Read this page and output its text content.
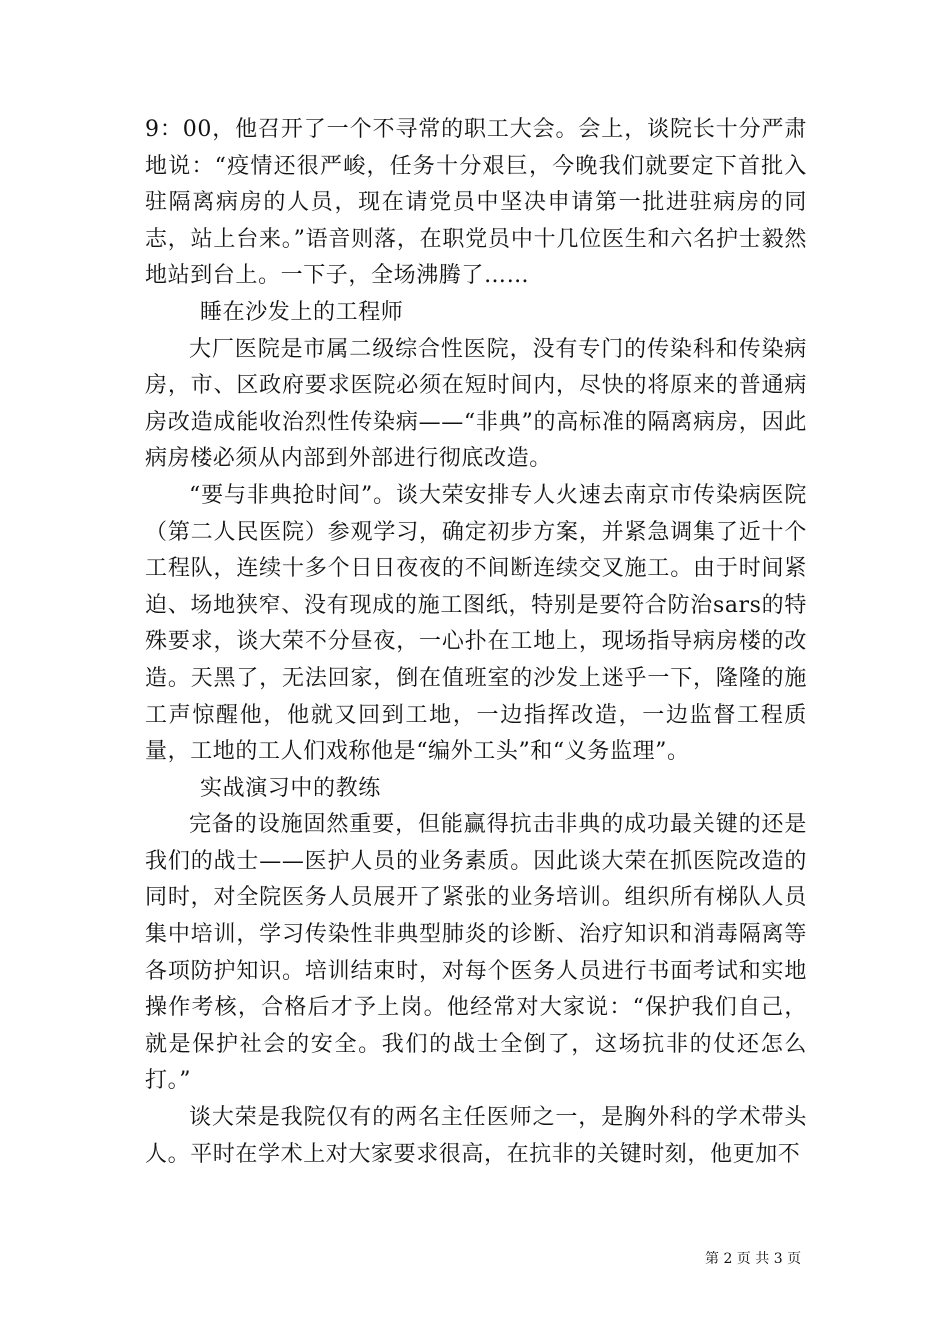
9：00，他召开了一个不寻常的职工大会。会上，谈院长十分严肃地说：“疫情还很严峻，任务十分艰巨，今晚我们就要定下首批入驻隔离病房的人员，现在请党员中坚决申请第一批进驻病房的同志，站上台来。”语音则落，在职党员中十几位医生和六名护士毅然地站到台上。一下子，全场沸腾了……

睡在沙发上的工程师

大厂医院是市属二级综合性医院，没有专门的传染科和传染病房，市、区政府要求医院必须在短时间内，尽快的将原来的普通病房改造成能收治烈性传染病——“非典”的高标准的隔离病房，因此病房楼必须从内部到外部进行彻底改造。

“要与非典抢时间”。谈大荣安排专人火速去南京市传染病医院（第二人民医院）参观学习，确定初步方案，并紧急调集了近十个工程队，连续十多个日日夜夜的不间断连续交叉施工。由于时间紧迫、场地狭窄、没有现成的施工图纸，特别是要符合防治sars的特殊要求，谈大荣不分昼夜，一心扑在工地上，现场指导病房楼的改造。天黑了，无法回家，倒在值班室的沙发上迷乎一下，隆隆的施工声惊醒他，他就又回到工地，一边指挥改造，一边监督工程质量，工地的工人们戏称他是“编外工头”和“义务监理”。

实战演习中的教练

完备的设施固然重要，但能赢得抗击非典的成功最关键的还是我们的战士——医护人员的业务素质。因此谈大荣在抓医院改造的同时，对全院医务人员展开了紧张的业务培训。组织所有梯队人员集中培训，学习传染性非典型肺炎的诊断、治疗知识和消毒隔离等各项防护知识。培训结束时，对每个医务人员进行书面考试和实地操作考核，合格后才予上岗。他经常对大家说：“保护我们自己，就是保护社会的安全。我们的战士全倒了，这场抗非的仗还怎么打。”

谈大荣是我院仅有的两名主任医师之一，是胸外科的学术带头人。平时在学术上对大家要求很高，在抗非的关键时刻，他更加不

第 2 页 共 3 页
